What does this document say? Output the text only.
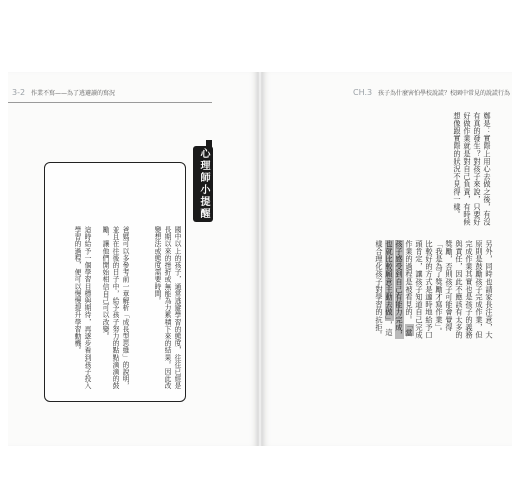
3-2 作業不寫——為了逃避讀的寫況	CH.3 孩子為什麼害怕學校說謊？校園中常見的說謊行為
鄭是：實際上用心去做之後，有沒有真的發生？對孩子來說，只要好好做作業就是對自己負責，有時候想像跟實際的狀況不見得一樣。
另外，同時也請家長注意，大原則是鼓勵孩子完成作業，但完成作業其實也是孩子的義務與責任，因此不應該有太多的獎勵，否則孩子可能會覺得「我是為了獎勵才寫作業」。比較好的方式是適時地給予口頭肯定，讓孩子知道自己完成作業的過程是被看見的。「當孩子感受到自己有能力完成，也就比較願意主動去做」，這樣合理化孩子對學習的抗拒。
心理師小提醒
國中以上的孩子，通常逃避學習的態度，往往已經是長期以來的挫折或無能為力累積下來的結果。因此改變想法或態度需要時間。
爸媽可以多參考前一章解析「成長型思維」的說明，並且在往後的日子中，給予孩子努力的點點滴滴的鼓勵，讓他們開始相信自己可以改變。
這時給予一個學習目標與期待，再逐步看到孩子投入學習的過程，便可以慢慢提升學習動機。
